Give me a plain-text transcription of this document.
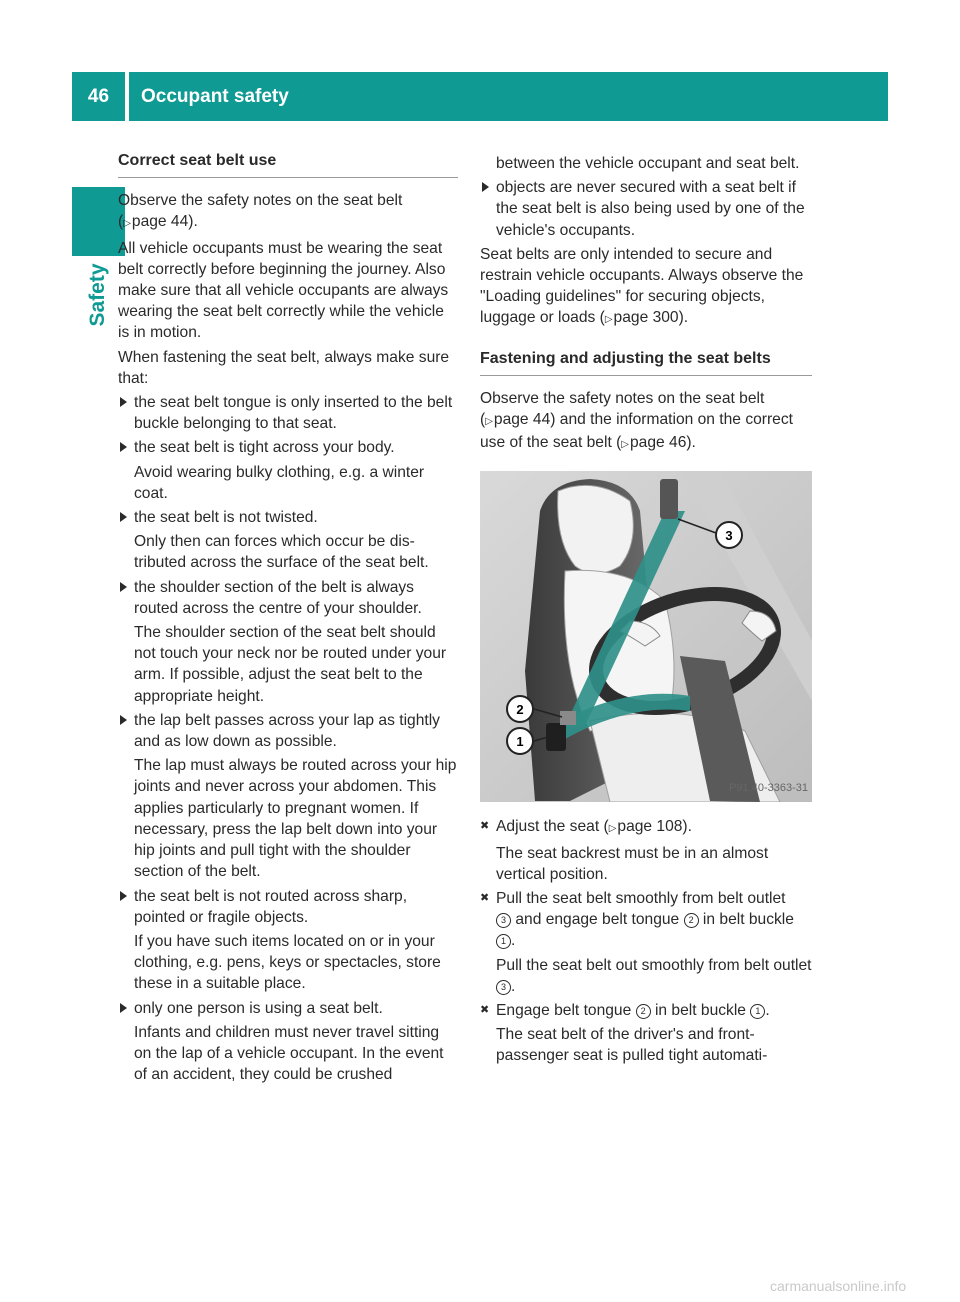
46	Occupant safety
Safety
Correct seat belt use

Observe the safety notes on the seat belt
( ▷ page 44).

All vehicle occupants must be wearing the seat belt correctly before beginning the journey. Also make sure that all vehicle occupants are always wearing the seat belt correctly while the vehicle is in motion.

When fastening the seat belt, always make sure that:

the seat belt tongue is only inserted to the belt buckle belonging to that seat.
the seat belt is tight across your body.
Avoid wearing bulky clothing, e.g. a winter coat.
the seat belt is not twisted.
Only then can forces which occur be distributed across the surface of the seat belt.
the shoulder section of the belt is always routed across the centre of your shoulder.
The shoulder section of the seat belt should not touch your neck nor be routed under your arm. If possible, adjust the seat belt to the appropriate height.
the lap belt passes across your lap as tightly and as low down as possible.
The lap must always be routed across your hip joints and never across your abdomen. This applies particularly to pregnant women. If necessary, press the lap belt down into your hip joints and pull tight with the shoulder section of the belt.
the seat belt is not routed across sharp, pointed or fragile objects.
If you have such items located on or in your clothing, e.g. pens, keys or spectacles, store these in a suitable place.
only one person is using a seat belt.
Infants and children must never travel sitting on the lap of a vehicle occupant. In the event of an accident, they could be crushed
between the vehicle occupant and seat belt.
objects are never secured with a seat belt if the seat belt is also being used by one of the vehicle's occupants.

Seat belts are only intended to secure and restrain vehicle occupants. Always observe the "Loading guidelines" for securing objects, luggage or loads ( ▷ page 300).

Fastening and adjusting the seat belts

Observe the safety notes on the seat belt
( ▷ page 44) and the information on the correct use of the seat belt ( ▷ page 46).

3
2
1
P91.40-3363-31
✖ Adjust the seat ( ▷ page 108).
The seat backrest must be in an almost vertical position.
✖ Pull the seat belt smoothly from belt outlet
3 and engage belt tongue 2 in belt buckle
1 .
Pull the seat belt out smoothly from belt outlet
3 .
✖ Engage belt tongue 2 in belt buckle 1 .
The seat belt of the driver's and front-passenger seat is pulled tight automati-
carmanualsonline.info
